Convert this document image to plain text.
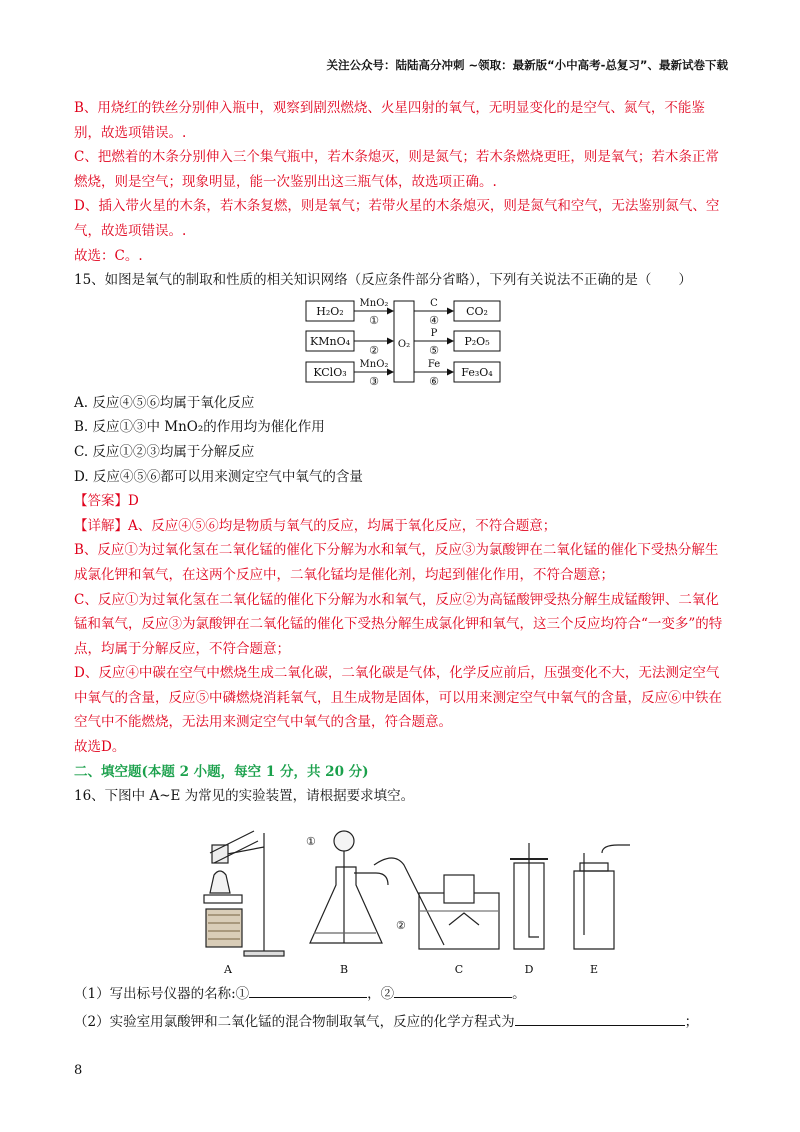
关注公众号：陆陆高分冲刺 ~领取：最新版“小中高考-总复习”、最新试卷下载

B、用烧红的铁丝分别伸入瓶中，观察到剧烈燃烧、火星四射的氧气，无明显变化的是空气、氮气，不能鉴别，故选项错误。.

C、把燃着的木条分别伸入三个集气瓶中，若木条熄灭，则是氮气；若木条燃烧更旺，则是氧气；若木条正常燃烧，则是空气；现象明显，能一次鉴别出这三瓶气体，故选项正确。.

D、插入带火星的木条，若木条复燃，则是氧气；若带火星的木条熄灭，则是氮气和空气，无法鉴别氮气、空气，故选项错误。.

故选：C。.

15、如图是氧气的制取和性质的相关知识网络（反应条件部分省略），下列有关说法不正确的是（　　）

H₂O₂
KMnO₄
KClO₃
O₂
MnO₂
MnO₂
①
②
③
C
P
Fe
④
⑤
⑥
CO₂
P₂O₅
Fe₃O₄

A. 反应④⑤⑥均属于氧化反应

B. 反应①③中 MnO₂的作用均为催化作用

C. 反应①②③均属于分解反应

D. 反应④⑤⑥都可以用来测定空气中氧气的含量

【答案】D

【详解】A、反应④⑤⑥均是物质与氧气的反应，均属于氧化反应，不符合题意；

B、反应①为过氧化氢在二氧化锰的催化下分解为水和氧气，反应③为氯酸钾在二氧化锰的催化下受热分解生成氯化钾和氧气，在这两个反应中，二氧化锰均是催化剂，均起到催化作用，不符合题意；

C、反应①为过氧化氢在二氧化锰的催化下分解为水和氧气，反应②为高锰酸钾受热分解生成锰酸钾、二氧化锰和氧气，反应③为氯酸钾在二氧化锰的催化下受热分解生成氯化钾和氧气，这三个反应均符合“一变多”的特点，均属于分解反应，不符合题意；

D、反应④中碳在空气中燃烧生成二氧化碳，二氧化碳是气体，化学反应前后，压强变化不大，无法测定空气中氧气的含量，反应⑤中磷燃烧消耗氧气，且生成物是固体，可以用来测定空气中氧气的含量，反应⑥中铁在空气中不能燃烧，无法用来测定空气中氧气的含量，符合题意。

故选D。

二、填空题(本题 2 小题，每空 1 分，共 20 分)

16、下图中 A~E 为常见的实验装置，请根据要求填空。

①
②
A	B	C	D	E

（1）写出标号仪器的名称:①	，②	。

（2）实验室用氯酸钾和二氧化锰的混合物制取氧气，反应的化学方程式为	；

8
